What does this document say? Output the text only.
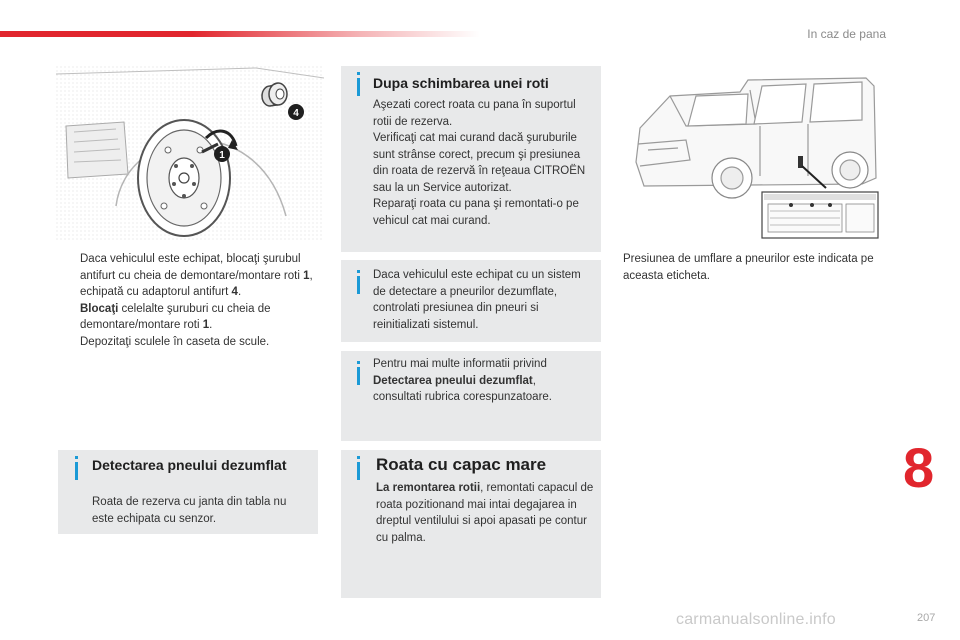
In caz de pana
1
4
Daca vehiculul este echipat, blocaţi şurubul antifurt cu cheia de demontare/montare roti 1, echipată cu adaptorul antifurt 4.
Blocaţi celelalte şuruburi cu cheia de demontare/montare roti 1.
Depozitaţi sculele în caseta de scule.
Detectarea pneului dezumflat

Roata de rezerva cu janta din tabla nu este echipata cu senzor.

Dupa schimbarea unei roti

Aşezati corect roata cu pana în suportul rotii de rezerva.
Verificaţi cat mai curand dacă şuruburile sunt strânse corect, precum şi presiunea din roata de rezervă în reţeaua CITROËN sau la un Service autorizat.
Reparaţi roata cu pana şi remontati-o pe vehicul cat mai curand.

Daca vehiculul este echipat cu un sistem de detectare a pneurilor dezumflate, controlati presiunea din pneuri si reinitializati sistemul.

Pentru mai multe informatii privind Detectarea pneului dezumflat, consultati rubrica corespunzatoare.

Roata cu capac mare

La remontarea rotii, remontati capacul de roata pozitionand mai intai degajarea in dreptul ventilului si apoi apasati pe contur cu palma.

Presiunea de umflare a pneurilor este indicata pe aceasta eticheta.
8
carmanualsonline.info	207
